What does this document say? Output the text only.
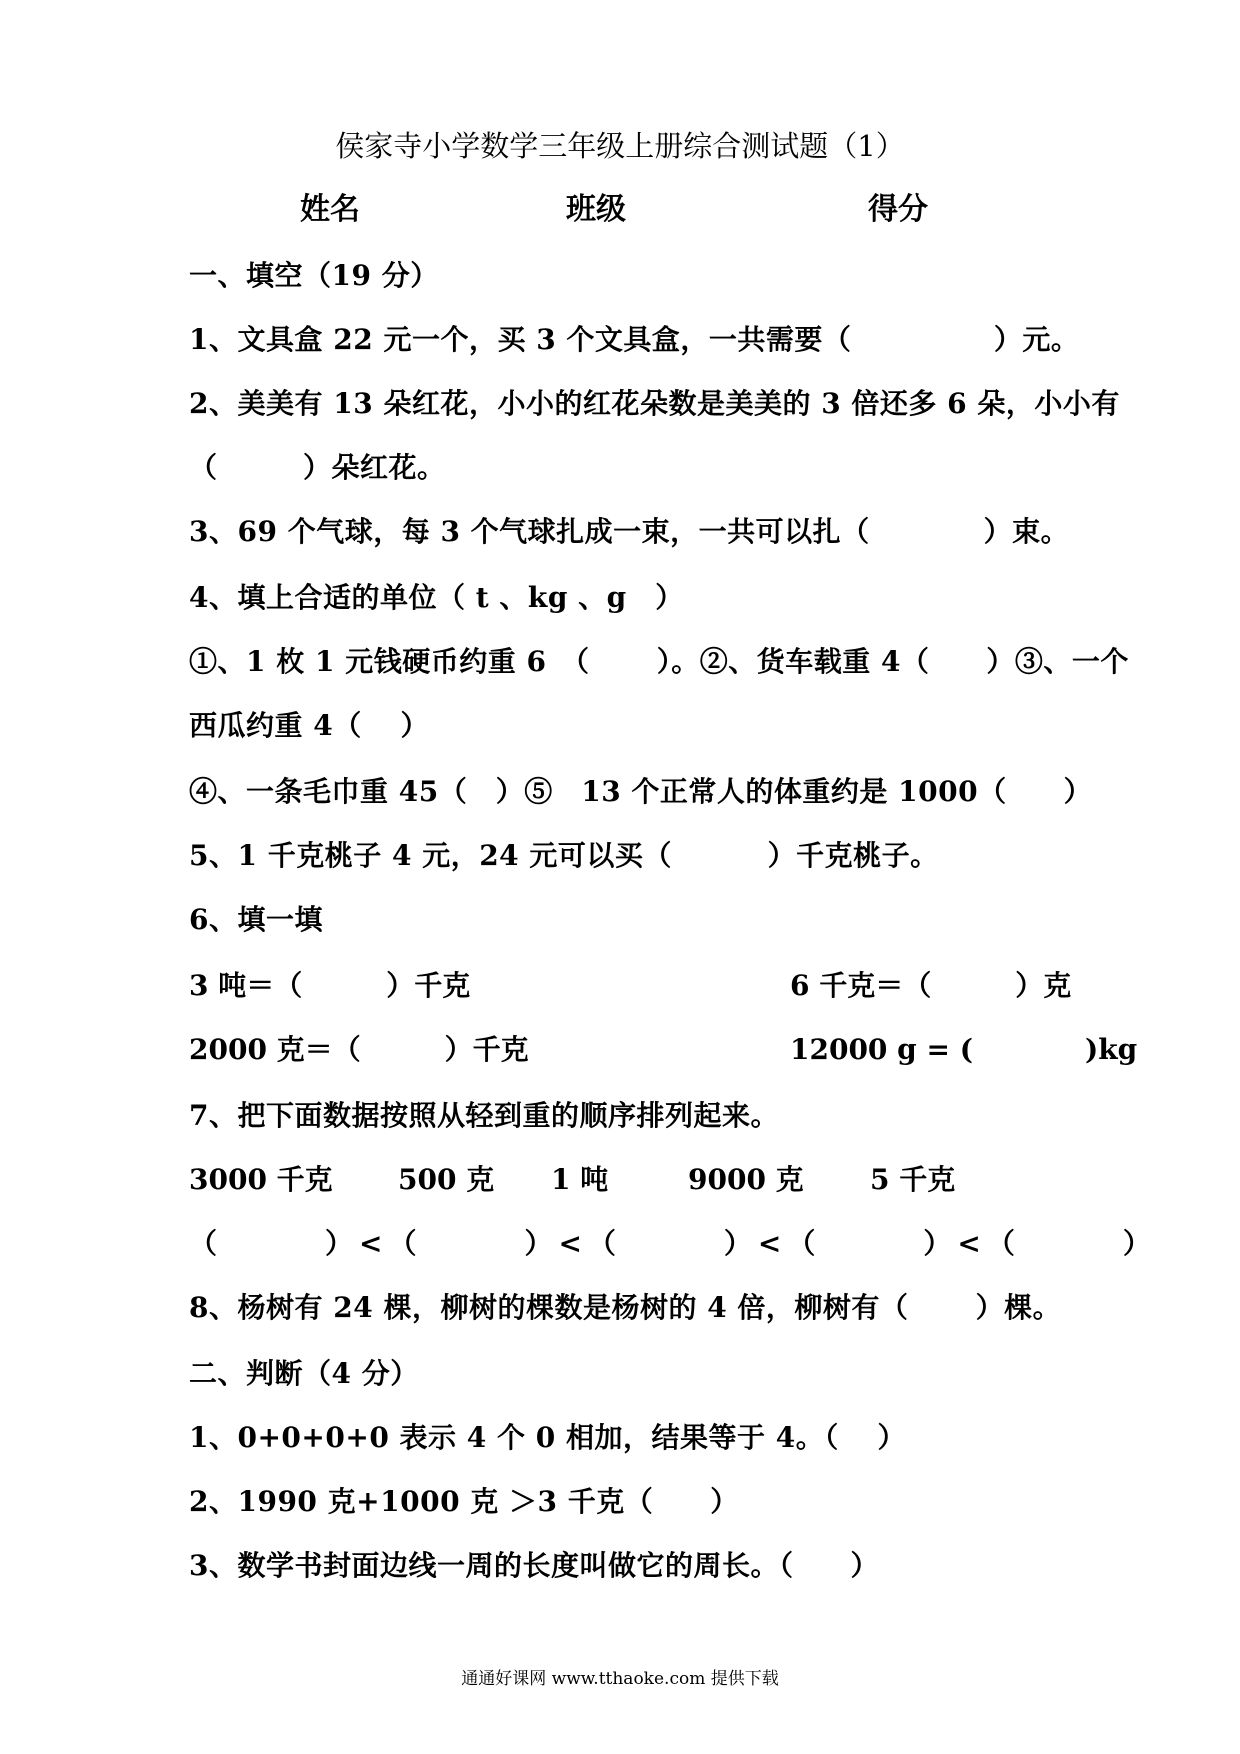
侯家寺小学数学三年级上册综合测试题（1）
姓名	班级	得分
一、填空（19 分）
1、文具盒 22 元一个，买 3 个文具盒，一共需要（　　　　　）元。
2、美美有 13 朵红花，小小的红花朵数是美美的 3 倍还多 6 朵，小小有
（　　　）朵红花。
3、69 个气球，每 3 个气球扎成一束，一共可以扎（　　　　）束。
4、填上合适的单位（ t 、kg 、g　）
①、1 枚 1 元钱硬币约重 6　（　　 ）。②、货车载重 4（　　）③、一个
西瓜约重 4（　 ）
④、一条毛巾重 45（　）⑤　13 个正常人的体重约是 1000（　　）
5、1 千克桃子 4 元，24 元可以买（　　　 ）千克桃子。
6、填一填
3 吨＝（　　　）千克	6 千克＝（　　　）克
2000 克＝（　　　）千克	12000 g = (　　　　)kg
7、把下面数据按照从轻到重的顺序排列起来。
3000 千克 500 克 1 吨	9000 克 5 千克
（　　　）<（　　　）<（　　　）<（　　　）<（　　　）
8、杨树有 24 棵，柳树的棵数是杨树的 4 倍，柳树有（　　 ）棵。
二、判断（4 分）
1、0+0+0+0 表示 4 个 0 相加，结果等于 4。（　 ）
2、1990 克+1000 克 ＞3 千克（　　）
3、数学书封面边线一周的长度叫做它的周长。（　　）
通通好课网 www.tthaoke.com 提供下载
